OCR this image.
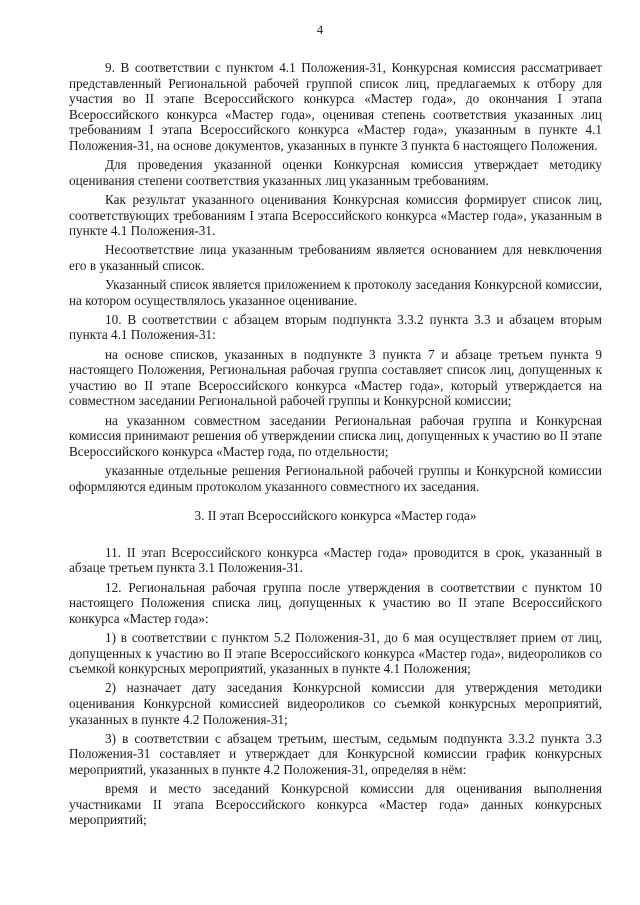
4

9. В соответствии с пунктом 4.1 Положения-31, Конкурсная комиссия рассматривает представленный Региональной рабочей группой список лиц, предлагаемых к отбору для участия во II этапе Всероссийского конкурса «Мастер года», до окончания I этапа Всероссийского конкурса «Мастер года», оценивая степень соответствия указанных лиц требованиям I этапа Всероссийского конкурса «Мастер года», указанным в пункте 4.1 Положения-31, на основе документов, указанных в пункте 3 пункта 6 настоящего Положения.

Для проведения указанной оценки Конкурсная комиссия утверждает методику оценивания степени соответствия указанных лиц указанным требованиям.

Как результат указанного оценивания Конкурсная комиссия формирует список лиц, соответствующих требованиям I этапа Всероссийского конкурса «Мастер года», указанным в пункте 4.1 Положения-31.

Несоответствие лица указанным требованиям является основанием для невключения его в указанный список.

Указанный список является приложением к протоколу заседания Конкурсной комиссии, на котором осуществлялось указанное оценивание.

10. В соответствии с абзацем вторым подпункта 3.3.2 пункта 3.3 и абзацем вторым пункта 4.1 Положения-31:

на основе списков, указанных в подпункте 3 пункта 7 и абзаце третьем пункта 9 настоящего Положения, Региональная рабочая группа составляет список лиц, допущенных к участию во II этапе Всероссийского конкурса «Мастер года», который утверждается на совместном заседании Региональной рабочей группы и Конкурсной комиссии;

на указанном совместном заседании Региональная рабочая группа и Конкурсная комиссия принимают решения об утверждении списка лиц, допущенных к участию во II этапе Всероссийского конкурса «Мастер года, по отдельности;

указанные отдельные решения Региональной рабочей группы и Конкурсной комиссии оформляются единым протоколом указанного совместного их заседания.

3. II этап Всероссийского конкурса «Мастер года»

11. II этап Всероссийского конкурса «Мастер года» проводится в срок, указанный в абзаце третьем пункта 3.1 Положения-31.

12. Региональная рабочая группа после утверждения в соответствии с пунктом 10 настоящего Положения списка лиц, допущенных к участию во II этапе Всероссийского конкурса «Мастер года»:

1) в соответствии с пунктом 5.2 Положения-31, до 6 мая осуществляет прием от лиц, допущенных к участию во II этапе Всероссийского конкурса «Мастер года», видеороликов со съемкой конкурсных мероприятий, указанных в пункте 4.1 Положения;

2) назначает дату заседания Конкурсной комиссии для утверждения методики оценивания Конкурсной комиссией видеороликов со съемкой конкурсных мероприятий, указанных в пункте 4.2 Положения-31;

3) в соответствии с абзацем третьим, шестым, седьмым подпункта 3.3.2 пункта 3.3 Положения-31 составляет и утверждает для Конкурсной комиссии график конкурсных мероприятий, указанных в пункте 4.2 Положения-31, определяя в нём:

время и место заседаний Конкурсной комиссии для оценивания выполнения участниками II этапа Всероссийского конкурса «Мастер года» данных конкурсных мероприятий;
